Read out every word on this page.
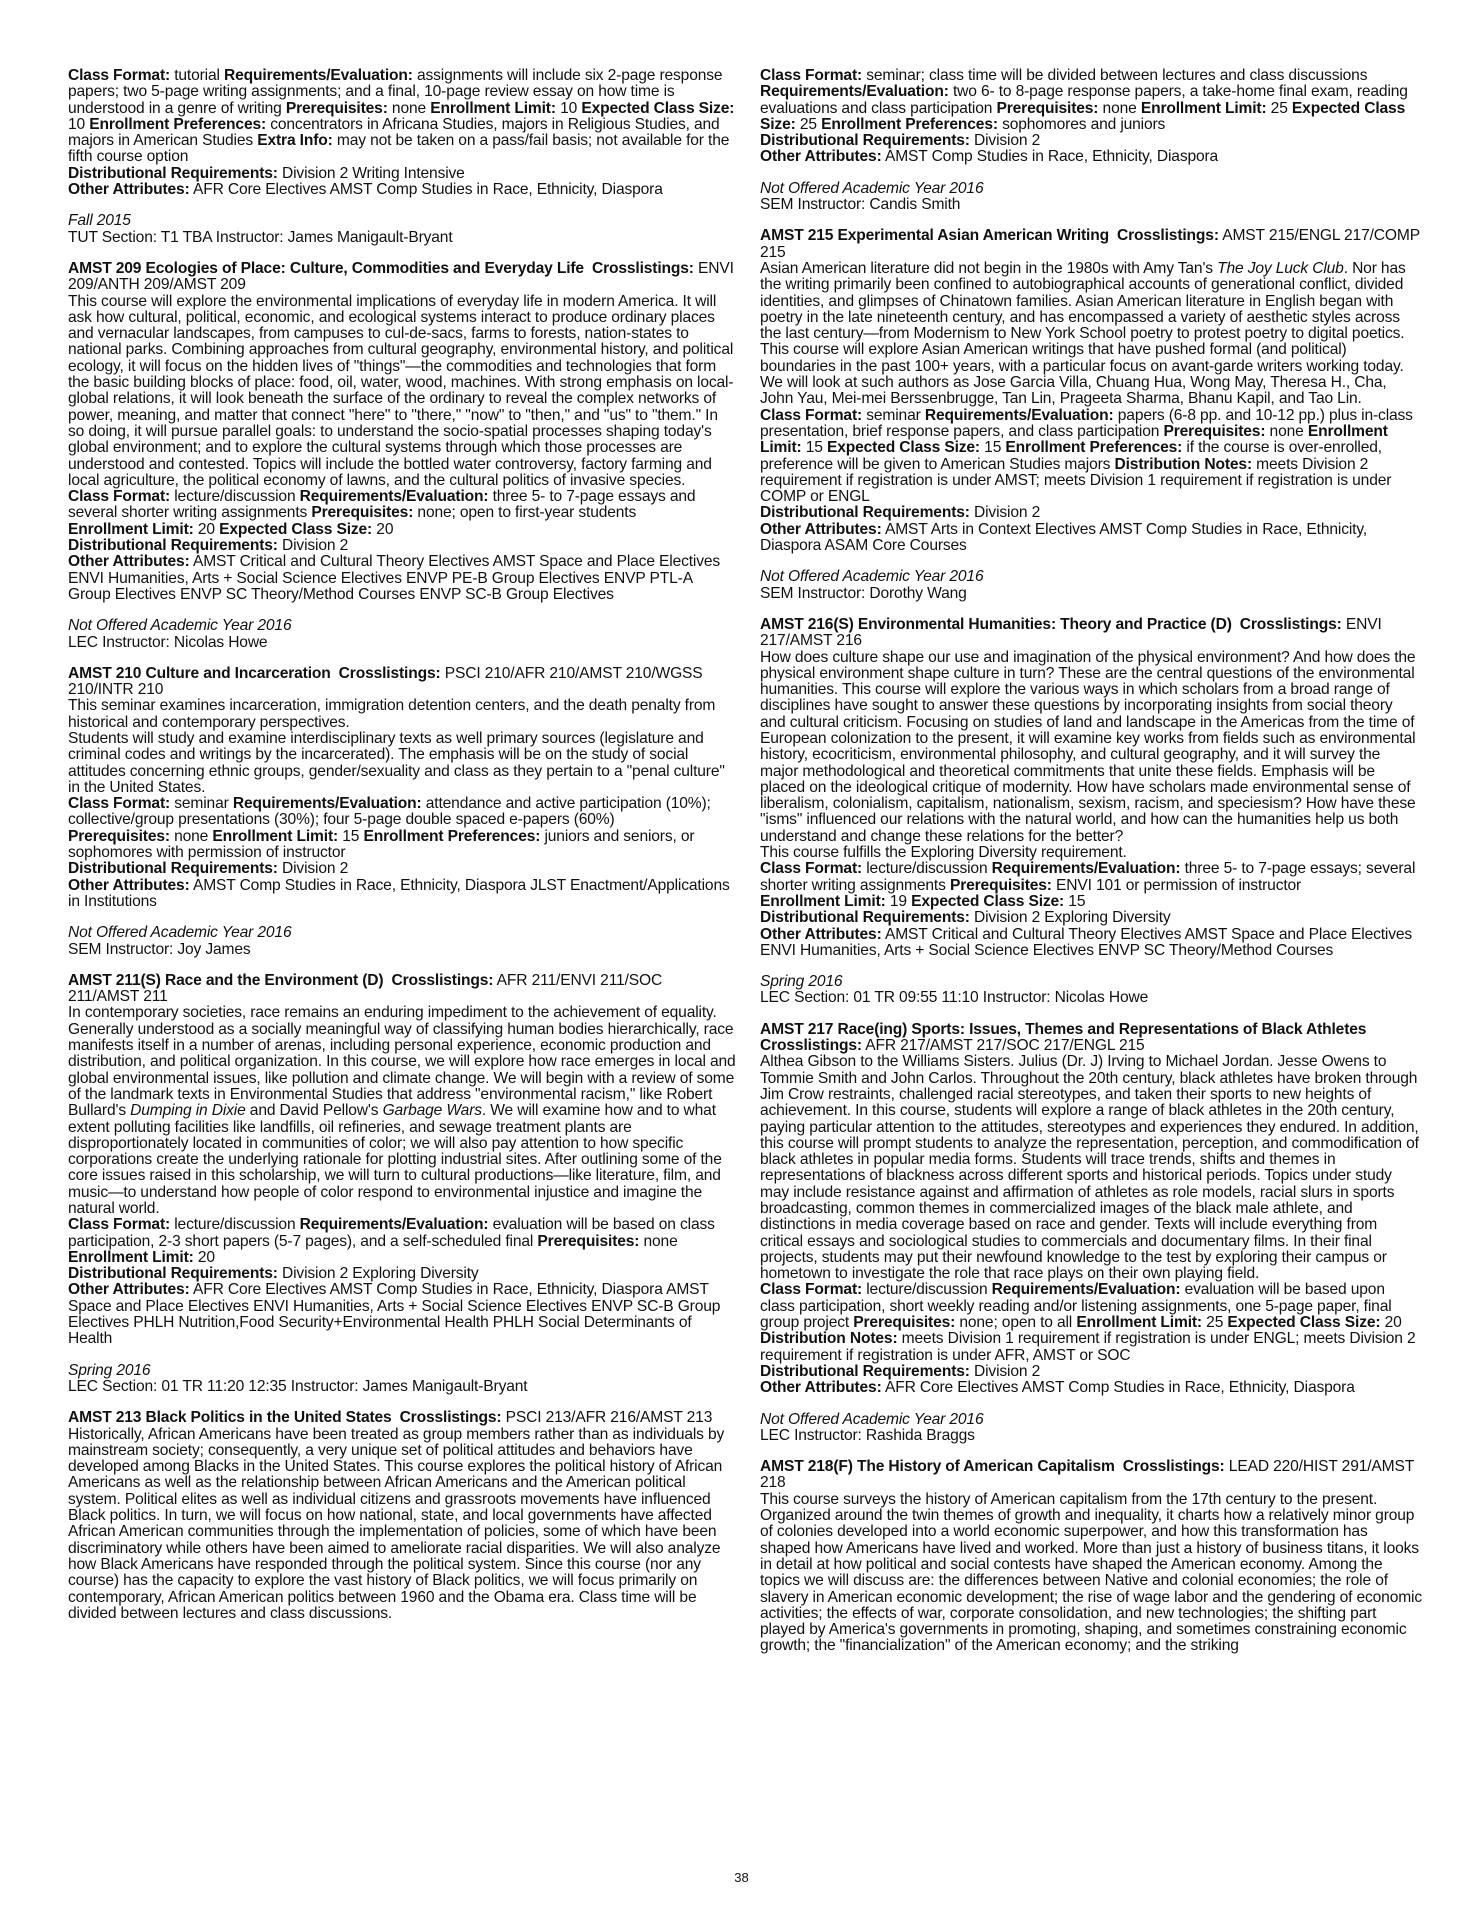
Class Format: tutorial Requirements/Evaluation: assignments will include six 2-page response papers; two 5-page writing assignments; and a final, 10-page review essay on how time is understood in a genre of writing Prerequisites: none Enrollment Limit: 10 Expected Class Size: 10 Enrollment Preferences: concentrators in Africana Studies, majors in Religious Studies, and majors in American Studies Extra Info: may not be taken on a pass/fail basis; not available for the fifth course option

Distributional Requirements: Division 2 Writing Intensive

Other Attributes: AFR Core Electives AMST Comp Studies in Race, Ethnicity, Diaspora

Fall 2015

TUT Section: T1 TBA Instructor: James Manigault-Bryant

AMST 209 Ecologies of Place: Culture, Commodities and Everyday Life Crosslistings: ENVI 209/ANTH 209/AMST 209

This course will explore the environmental implications of everyday life in modern America. It will ask how cultural, political, economic, and ecological systems interact to produce ordinary places and vernacular landscapes, from campuses to cul-de-sacs, farms to forests, nation-states to national parks. Combining approaches from cultural geography, environmental history, and political ecology, it will focus on the hidden lives of "things"—the commodities and technologies that form the basic building blocks of place: food, oil, water, wood, machines. With strong emphasis on local-global relations, it will look beneath the surface of the ordinary to reveal the complex networks of power, meaning, and matter that connect "here" to "there," "now" to "then," and "us" to "them." In so doing, it will pursue parallel goals: to understand the socio-spatial processes shaping today's global environment; and to explore the cultural systems through which those processes are understood and contested. Topics will include the bottled water controversy, factory farming and local agriculture, the political economy of lawns, and the cultural politics of invasive species.

Class Format: lecture/discussion Requirements/Evaluation: three 5- to 7-page essays and several shorter writing assignments Prerequisites: none; open to first-year students

Enrollment Limit: 20 Expected Class Size: 20

Distributional Requirements: Division 2

Other Attributes: AMST Critical and Cultural Theory Electives AMST Space and Place Electives ENVI Humanities, Arts + Social Science Electives ENVP PE-B Group Electives ENVP PTL-A Group Electives ENVP SC Theory/Method Courses ENVP SC-B Group Electives

Not Offered Academic Year 2016

LEC Instructor: Nicolas Howe

AMST 210 Culture and Incarceration Crosslistings: PSCI 210/AFR 210/AMST 210/WGSS 210/INTR 210

This seminar examines incarceration, immigration detention centers, and the death penalty from historical and contemporary perspectives.

Students will study and examine interdisciplinary texts as well primary sources (legislature and criminal codes and writings by the incarcerated). The emphasis will be on the study of social attitudes concerning ethnic groups, gender/sexuality and class as they pertain to a "penal culture" in the United States.

Class Format: seminar Requirements/Evaluation: attendance and active participation (10%); collective/group presentations (30%); four 5-page double spaced e-papers (60%)

Prerequisites: none Enrollment Limit: 15 Enrollment Preferences: juniors and seniors, or sophomores with permission of instructor

Distributional Requirements: Division 2

Other Attributes: AMST Comp Studies in Race, Ethnicity, Diaspora JLST Enactment/Applications in Institutions

Not Offered Academic Year 2016

SEM Instructor: Joy James

AMST 211(S) Race and the Environment (D) Crosslistings: AFR 211/ENVI 211/SOC 211/AMST 211

In contemporary societies, race remains an enduring impediment to the achievement of equality. Generally understood as a socially meaningful way of classifying human bodies hierarchically, race manifests itself in a number of arenas, including personal experience, economic production and distribution, and political organization. In this course, we will explore how race emerges in local and global environmental issues, like pollution and climate change. We will begin with a review of some of the landmark texts in Environmental Studies that address "environmental racism," like Robert Bullard's Dumping in Dixie and David Pellow's Garbage Wars. We will examine how and to what extent polluting facilities like landfills, oil refineries, and sewage treatment plants are disproportionately located in communities of color; we will also pay attention to how specific corporations create the underlying rationale for plotting industrial sites. After outlining some of the core issues raised in this scholarship, we will turn to cultural productions—like literature, film, and music—to understand how people of color respond to environmental injustice and imagine the natural world.

Class Format: lecture/discussion Requirements/Evaluation: evaluation will be based on class participation, 2-3 short papers (5-7 pages), and a self-scheduled final Prerequisites: none Enrollment Limit: 20

Distributional Requirements: Division 2 Exploring Diversity

Other Attributes: AFR Core Electives AMST Comp Studies in Race, Ethnicity, Diaspora AMST Space and Place Electives ENVI Humanities, Arts + Social Science Electives ENVP SC-B Group Electives PHLH Nutrition,Food Security+Environmental Health PHLH Social Determinants of Health

Spring 2016

LEC Section: 01 TR 11:20 12:35 Instructor: James Manigault-Bryant

AMST 213 Black Politics in the United States Crosslistings: PSCI 213/AFR 216/AMST 213

Historically, African Americans have been treated as group members rather than as individuals by mainstream society; consequently, a very unique set of political attitudes and behaviors have developed among Blacks in the United States. This course explores the political history of African Americans as well as the relationship between African Americans and the American political system. Political elites as well as individual citizens and grassroots movements have influenced Black politics. In turn, we will focus on how national, state, and local governments have affected African American communities through the implementation of policies, some of which have been discriminatory while others have been aimed to ameliorate racial disparities. We will also analyze how Black Americans have responded through the political system. Since this course (nor any course) has the capacity to explore the vast history of Black politics, we will focus primarily on contemporary, African American politics between 1960 and the Obama era. Class time will be divided between lectures and class discussions.

Class Format: seminar; class time will be divided between lectures and class discussions Requirements/Evaluation: two 6- to 8-page response papers, a take-home final exam, reading evaluations and class participation Prerequisites: none Enrollment Limit: 25 Expected Class Size: 25 Enrollment Preferences: sophomores and juniors

Distributional Requirements: Division 2

Other Attributes: AMST Comp Studies in Race, Ethnicity, Diaspora

Not Offered Academic Year 2016

SEM Instructor: Candis Smith

AMST 215 Experimental Asian American Writing Crosslistings: AMST 215/ENGL 217/COMP 215

Asian American literature did not begin in the 1980s with Amy Tan's The Joy Luck Club. Nor has the writing primarily been confined to autobiographical accounts of generational conflict, divided identities, and glimpses of Chinatown families. Asian American literature in English began with poetry in the late nineteenth century, and has encompassed a variety of aesthetic styles across the last century—from Modernism to New York School poetry to protest poetry to digital poetics. This course will explore Asian American writings that have pushed formal (and political) boundaries in the past 100+ years, with a particular focus on avant-garde writers working today. We will look at such authors as Jose Garcia Villa, Chuang Hua, Wong May, Theresa H., Cha, John Yau, Mei-mei Berssenbrugge, Tan Lin, Prageeta Sharma, Bhanu Kapil, and Tao Lin.

Class Format: seminar Requirements/Evaluation: papers (6-8 pp. and 10-12 pp.) plus in-class presentation, brief response papers, and class participation Prerequisites: none Enrollment Limit: 15 Expected Class Size: 15 Enrollment Preferences: if the course is over-enrolled, preference will be given to American Studies majors Distribution Notes: meets Division 2 requirement if registration is under AMST; meets Division 1 requirement if registration is under COMP or ENGL

Distributional Requirements: Division 2

Other Attributes: AMST Arts in Context Electives AMST Comp Studies in Race, Ethnicity, Diaspora ASAM Core Courses

Not Offered Academic Year 2016

SEM Instructor: Dorothy Wang

AMST 216(S) Environmental Humanities: Theory and Practice (D) Crosslistings: ENVI 217/AMST 216

How does culture shape our use and imagination of the physical environment? And how does the physical environment shape culture in turn? These are the central questions of the environmental humanities. This course will explore the various ways in which scholars from a broad range of disciplines have sought to answer these questions by incorporating insights from social theory and cultural criticism. Focusing on studies of land and landscape in the Americas from the time of European colonization to the present, it will examine key works from fields such as environmental history, ecocriticism, environmental philosophy, and cultural geography, and it will survey the major methodological and theoretical commitments that unite these fields. Emphasis will be placed on the ideological critique of modernity. How have scholars made environmental sense of liberalism, colonialism, capitalism, nationalism, sexism, racism, and speciesism? How have these "isms" influenced our relations with the natural world, and how can the humanities help us both understand and change these relations for the better?

This course fulfills the Exploring Diversity requirement.

Class Format: lecture/discussion Requirements/Evaluation: three 5- to 7-page essays; several shorter writing assignments Prerequisites: ENVI 101 or permission of instructor

Enrollment Limit: 19 Expected Class Size: 15

Distributional Requirements: Division 2 Exploring Diversity

Other Attributes: AMST Critical and Cultural Theory Electives AMST Space and Place Electives ENVI Humanities, Arts + Social Science Electives ENVP SC Theory/Method Courses

Spring 2016

LEC Section: 01 TR 09:55 11:10 Instructor: Nicolas Howe

AMST 217 Race(ing) Sports: Issues, Themes and Representations of Black Athletes
Crosslistings: AFR 217/AMST 217/SOC 217/ENGL 215

Althea Gibson to the Williams Sisters. Julius (Dr. J) Irving to Michael Jordan. Jesse Owens to Tommie Smith and John Carlos. Throughout the 20th century, black athletes have broken through Jim Crow restraints, challenged racial stereotypes, and taken their sports to new heights of achievement. In this course, students will explore a range of black athletes in the 20th century, paying particular attention to the attitudes, stereotypes and experiences they endured. In addition, this course will prompt students to analyze the representation, perception, and commodification of black athletes in popular media forms. Students will trace trends, shifts and themes in representations of blackness across different sports and historical periods. Topics under study may include resistance against and affirmation of athletes as role models, racial slurs in sports broadcasting, common themes in commercialized images of the black male athlete, and distinctions in media coverage based on race and gender. Texts will include everything from critical essays and sociological studies to commercials and documentary films. In their final projects, students may put their newfound knowledge to the test by exploring their campus or hometown to investigate the role that race plays on their own playing field.

Class Format: lecture/discussion Requirements/Evaluation: evaluation will be based upon class participation, short weekly reading and/or listening assignments, one 5-page paper, final group project Prerequisites: none; open to all Enrollment Limit: 25 Expected Class Size: 20 Distribution Notes: meets Division 1 requirement if registration is under ENGL; meets Division 2 requirement if registration is under AFR, AMST or SOC

Distributional Requirements: Division 2

Other Attributes: AFR Core Electives AMST Comp Studies in Race, Ethnicity, Diaspora

Not Offered Academic Year 2016

LEC Instructor: Rashida Braggs

AMST 218(F) The History of American Capitalism Crosslistings: LEAD 220/HIST 291/AMST 218

This course surveys the history of American capitalism from the 17th century to the present. Organized around the twin themes of growth and inequality, it charts how a relatively minor group of colonies developed into a world economic superpower, and how this transformation has shaped how Americans have lived and worked. More than just a history of business titans, it looks in detail at how political and social contests have shaped the American economy. Among the topics we will discuss are: the differences between Native and colonial economies; the role of slavery in American economic development; the rise of wage labor and the gendering of economic activities; the effects of war, corporate consolidation, and new technologies; the shifting part played by America's governments in promoting, shaping, and sometimes constraining economic growth; the "financialization" of the American economy; and the striking

38
